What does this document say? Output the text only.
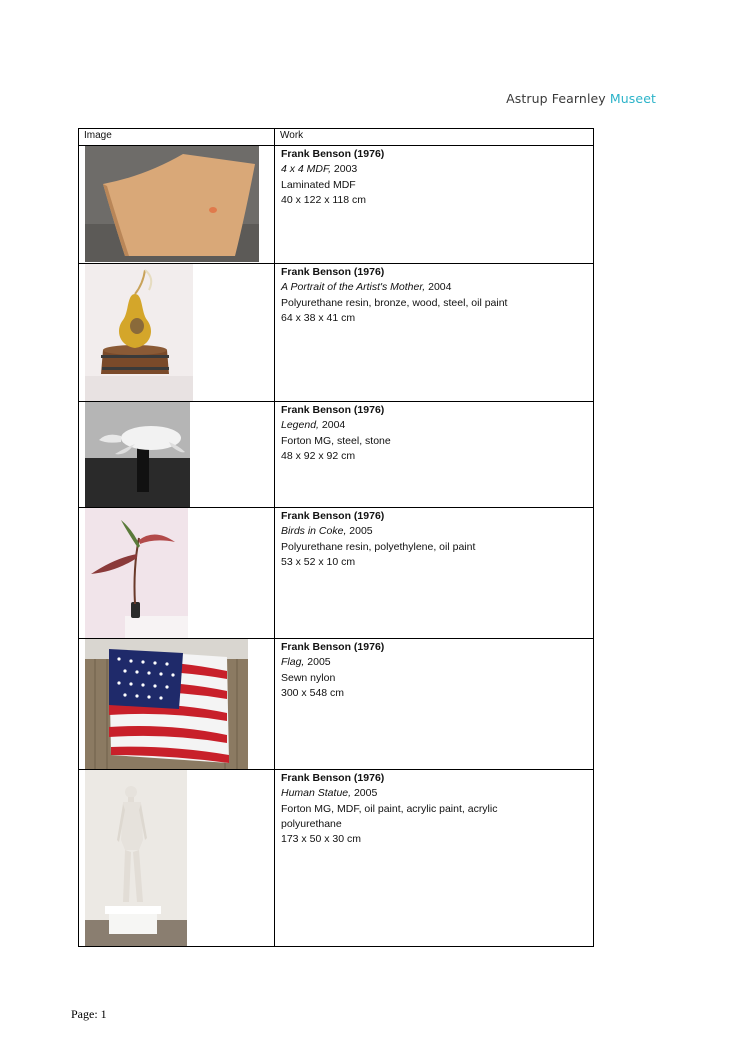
Astrup Fearnley Museet
Image	Work

Frank Benson (1976)
4 x 4 MDF, 2003
Laminated MDF
40 x 122 x 118 cm

Frank Benson (1976)
A Portrait of the Artist's Mother, 2004
Polyurethane resin, bronze, wood, steel, oil paint
64 x 38 x 41 cm

Frank Benson (1976)
Legend, 2004
Forton MG, steel, stone
48 x 92 x 92 cm

Frank Benson (1976)
Birds in Coke, 2005
Polyurethane resin, polyethylene, oil paint
53 x 52 x 10 cm

Frank Benson (1976)
Flag, 2005
Sewn nylon
300 x 548 cm

Frank Benson (1976)
Human Statue, 2005
Forton MG, MDF, oil paint, acrylic paint, acrylic polyurethane
173 x 50 x 30 cm
Page: 1
